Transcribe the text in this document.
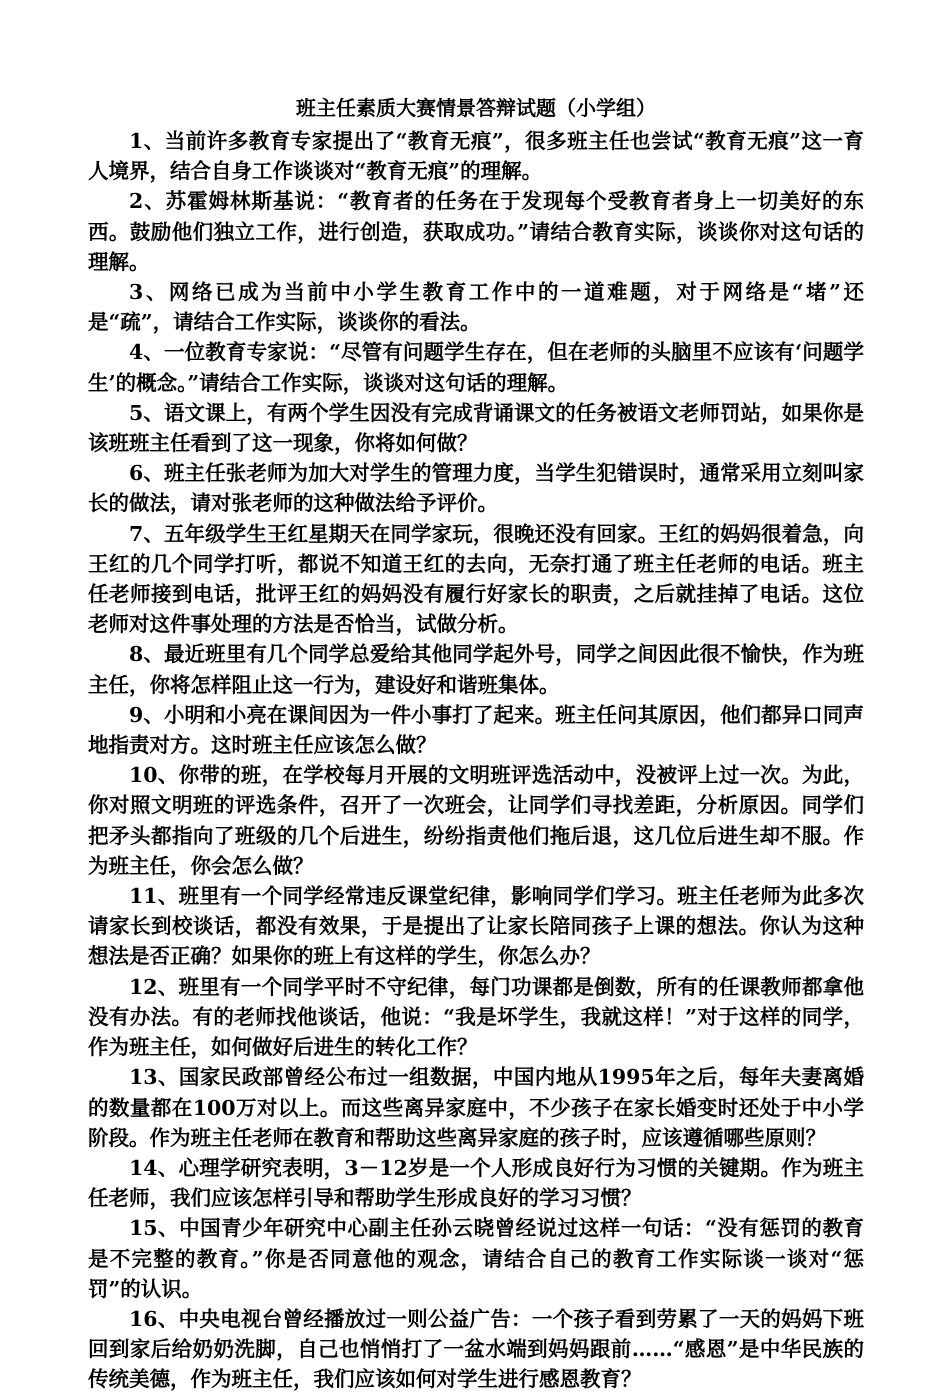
班主任素质大赛情景答辩试题（小学组）

1、当前许多教育专家提出了“教育无痕”，很多班主任也尝试“教育无痕”这一育人境界，结合自身工作谈谈对“教育无痕”的理解。

2、苏霍姆林斯基说：“教育者的任务在于发现每个受教育者身上一切美好的东西。鼓励他们独立工作，进行创造，获取成功。”请结合教育实际，谈谈你对这句话的理解。

3、网络已成为当前中小学生教育工作中的一道难题，对于网络是“堵”还是“疏”，请结合工作实际，谈谈你的看法。

4、一位教育专家说：“尽管有问题学生存在，但在老师的头脑里不应该有‘问题学生’的概念。”请结合工作实际，谈谈对这句话的理解。

5、语文课上，有两个学生因没有完成背诵课文的任务被语文老师罚站，如果你是该班班主任看到了这一现象，你将如何做？

6、班主任张老师为加大对学生的管理力度，当学生犯错误时，通常采用立刻叫家长的做法，请对张老师的这种做法给予评价。

7、五年级学生王红星期天在同学家玩，很晚还没有回家。王红的妈妈很着急，向王红的几个同学打听，都说不知道王红的去向，无奈打通了班主任老师的电话。班主任老师接到电话，批评王红的妈妈没有履行好家长的职责，之后就挂掉了电话。这位老师对这件事处理的方法是否恰当，试做分析。

8、最近班里有几个同学总爱给其他同学起外号，同学之间因此很不愉快，作为班主任，你将怎样阻止这一行为，建设好和谐班集体。

9、小明和小亮在课间因为一件小事打了起来。班主任问其原因，他们都异口同声地指责对方。这时班主任应该怎么做？

10、你带的班，在学校每月开展的文明班评选活动中，没被评上过一次。为此，你对照文明班的评选条件，召开了一次班会，让同学们寻找差距，分析原因。同学们把矛头都指向了班级的几个后进生，纷纷指责他们拖后退，这几位后进生却不服。作为班主任，你会怎么做？

11、班里有一个同学经常违反课堂纪律，影响同学们学习。班主任老师为此多次请家长到校谈话，都没有效果，于是提出了让家长陪同孩子上课的想法。你认为这种想法是否正确？如果你的班上有这样的学生，你怎么办？

12、班里有一个同学平时不守纪律，每门功课都是倒数，所有的任课教师都拿他没有办法。有的老师找他谈话，他说：“我是坏学生，我就这样！”对于这样的同学，作为班主任，如何做好后进生的转化工作？

13、国家民政部曾经公布过一组数据，中国内地从1995年之后，每年夫妻离婚的数量都在100万对以上。而这些离异家庭中，不少孩子在家长婚变时还处于中小学阶段。作为班主任老师在教育和帮助这些离异家庭的孩子时，应该遵循哪些原则？

14、心理学研究表明，3－12岁是一个人形成良好行为习惯的关键期。作为班主任老师，我们应该怎样引导和帮助学生形成良好的学习习惯？

15、中国青少年研究中心副主任孙云晓曾经说过这样一句话：“没有惩罚的教育是不完整的教育。”你是否同意他的观念，请结合自己的教育工作实际谈一谈对“惩罚”的认识。

16、中央电视台曾经播放过一则公益广告：一个孩子看到劳累了一天的妈妈下班回到家后给奶奶洗脚，自己也悄悄打了一盆水端到妈妈跟前……“感恩”是中华民族的传统美德，作为班主任，我们应该如何对学生进行感恩教育？
